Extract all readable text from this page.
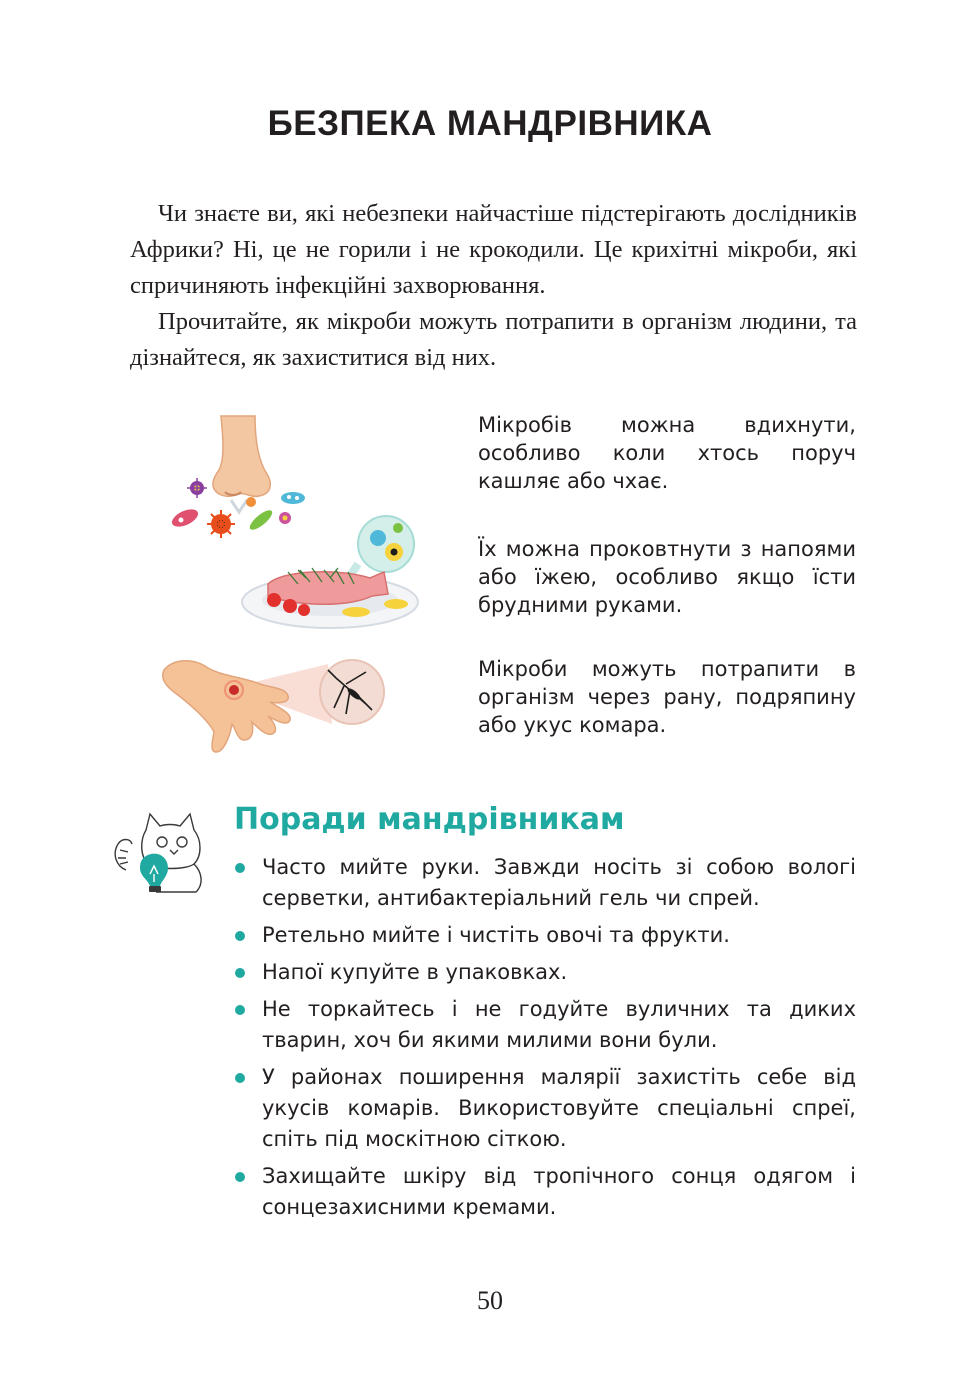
БЕЗПЕКА МАНДРІВНИКА

Чи знаєте ви, які небезпеки найчастіше підстерігають дослідників Африки? Ні, це не горили і не крокодили. Це крихітні мікроби, які спричиняють інфекційні захворювання.

Прочитайте, як мікроби можуть потрапити в організм людини, та дізнайтеся, як захиститися від них.

Мікробів можна вдихнути, особливо коли хтось поруч кашляє або чхає.
Їх можна проковтнути з напоями або їжею, особливо якщо їсти брудними руками.
Мікроби можуть потрапити в організм через рану, подряпину або укус комара.
Поради мандрівникам
Часто мийте руки. Завжди носіть зі собою вологі серветки, антибактеріальний гель чи спрей.
Ретельно мийте і чистіть овочі та фрукти.
Напої купуйте в упаковках.
Не торкайтесь і не годуйте вуличних та диких тварин, хоч би якими милими вони були.
У районах поширення малярії захистіть себе від укусів комарів. Використовуйте спеціальні спреї, спіть під москітною сіткою.
Захищайте шкіру від тропічного сонця одягом і сонцезахисними кремами.
50
